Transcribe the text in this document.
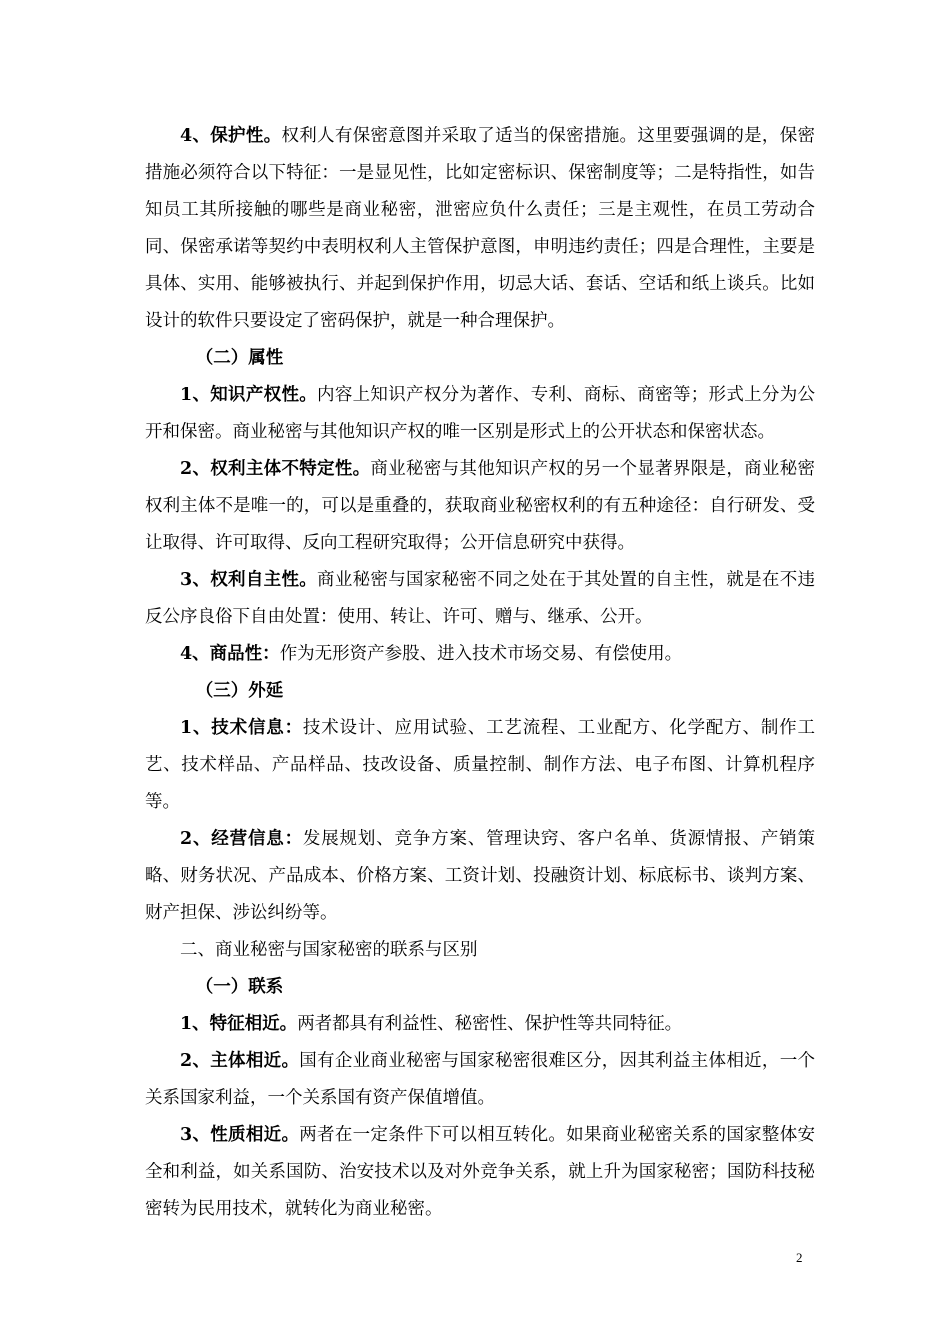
4、保护性。权利人有保密意图并采取了适当的保密措施。这里要强调的是，保密措施必须符合以下特征：一是显见性，比如定密标识、保密制度等；二是特指性，如告知员工其所接触的哪些是商业秘密，泄密应负什么责任；三是主观性，在员工劳动合同、保密承诺等契约中表明权利人主管保护意图，申明违约责任；四是合理性，主要是具体、实用、能够被执行、并起到保护作用，切忌大话、套话、空话和纸上谈兵。比如设计的软件只要设定了密码保护，就是一种合理保护。

（二）属性

1、知识产权性。内容上知识产权分为著作、专利、商标、商密等；形式上分为公开和保密。商业秘密与其他知识产权的唯一区别是形式上的公开状态和保密状态。

2、权利主体不特定性。商业秘密与其他知识产权的另一个显著界限是，商业秘密权利主体不是唯一的，可以是重叠的，获取商业秘密权利的有五种途径：自行研发、受让取得、许可取得、反向工程研究取得；公开信息研究中获得。

3、权利自主性。商业秘密与国家秘密不同之处在于其处置的自主性，就是在不违反公序良俗下自由处置：使用、转让、许可、赠与、继承、公开。

4、商品性：作为无形资产参股、进入技术市场交易、有偿使用。

（三）外延

1、技术信息：技术设计、应用试验、工艺流程、工业配方、化学配方、制作工艺、技术样品、产品样品、技改设备、质量控制、制作方法、电子布图、计算机程序等。

2、经营信息：发展规划、竞争方案、管理诀窍、客户名单、货源情报、产销策略、财务状况、产品成本、价格方案、工资计划、投融资计划、标底标书、谈判方案、财产担保、涉讼纠纷等。

二、商业秘密与国家秘密的联系与区别

（一）联系

1、特征相近。两者都具有利益性、秘密性、保护性等共同特征。

2、主体相近。国有企业商业秘密与国家秘密很难区分，因其利益主体相近，一个关系国家利益，一个关系国有资产保值增值。

3、性质相近。两者在一定条件下可以相互转化。如果商业秘密关系的国家整体安全和利益，如关系国防、治安技术以及对外竞争关系，就上升为国家秘密；国防科技秘密转为民用技术，就转化为商业秘密。

2
